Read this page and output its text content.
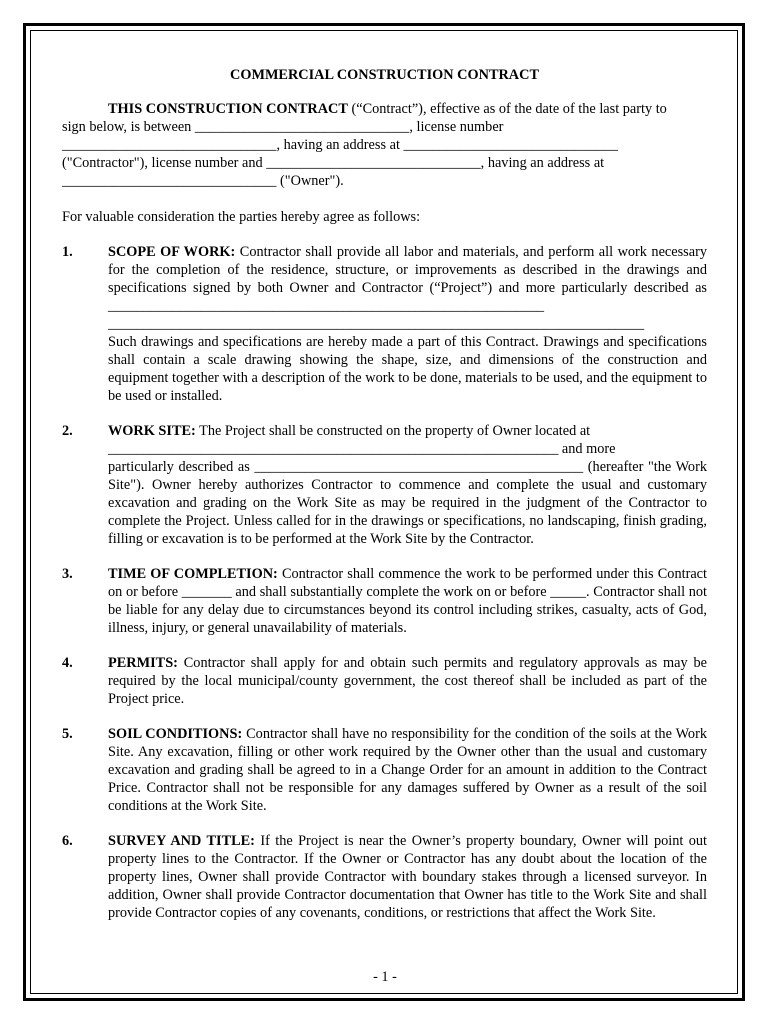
COMMERCIAL CONSTRUCTION CONTRACT
THIS CONSTRUCTION CONTRACT (“Contract”), effective as of the date of the last party to
sign below, is between ______________________________, license number
______________________________, having an address at ______________________________
("Contractor"), license number and ______________________________, having an address at
______________________________ ("Owner").
For valuable consideration the parties hereby agree as follows:
1.	SCOPE OF WORK: Contractor shall provide all labor and materials, and perform all work necessary for the completion of the residence, structure, or improvements as described in the drawings and specifications signed by both Owner and Contractor (“Project”) and more particularly described as _____________________________________________________________
___________________________________________________________________________
Such drawings and specifications are hereby made a part of this Contract. Drawings and specifications shall contain a scale drawing showing the shape, size, and dimensions of the construction and equipment together with a description of the work to be done, materials to be used, and the equipment to be used or installed.
2.	WORK SITE: The Project shall be constructed on the property of Owner located at
_______________________________________________________________ and more
particularly described as ______________________________________________ (hereafter "the Work Site"). Owner hereby authorizes Contractor to commence and complete the usual and customary excavation and grading on the Work Site as may be required in the judgment of the Contractor to complete the Project. Unless called for in the drawings or specifications, no landscaping, finish grading, filling or excavation is to be performed at the Work Site by the Contractor.
3.	TIME OF COMPLETION: Contractor shall commence the work to be performed under this Contract on or before _______ and shall substantially complete the work on or before _____. Contractor shall not be liable for any delay due to circumstances beyond its control including strikes, casualty, acts of God, illness, injury, or general unavailability of materials.
4.	PERMITS: Contractor shall apply for and obtain such permits and regulatory approvals as may be required by the local municipal/county government, the cost thereof shall be included as part of the Project price.
5.	SOIL CONDITIONS: Contractor shall have no responsibility for the condition of the soils at the Work Site. Any excavation, filling or other work required by the Owner other than the usual and customary excavation and grading shall be agreed to in a Change Order for an amount in addition to the Contract Price. Contractor shall not be responsible for any damages suffered by Owner as a result of the soil conditions at the Work Site.
6.	SURVEY AND TITLE: If the Project is near the Owner’s property boundary, Owner will point out property lines to the Contractor. If the Owner or Contractor has any doubt about the location of the property lines, Owner shall provide Contractor with boundary stakes through a licensed surveyor. In addition, Owner shall provide Contractor documentation that Owner has title to the Work Site and shall provide Contractor copies of any covenants, conditions, or restrictions that affect the Work Site.
- 1 -
